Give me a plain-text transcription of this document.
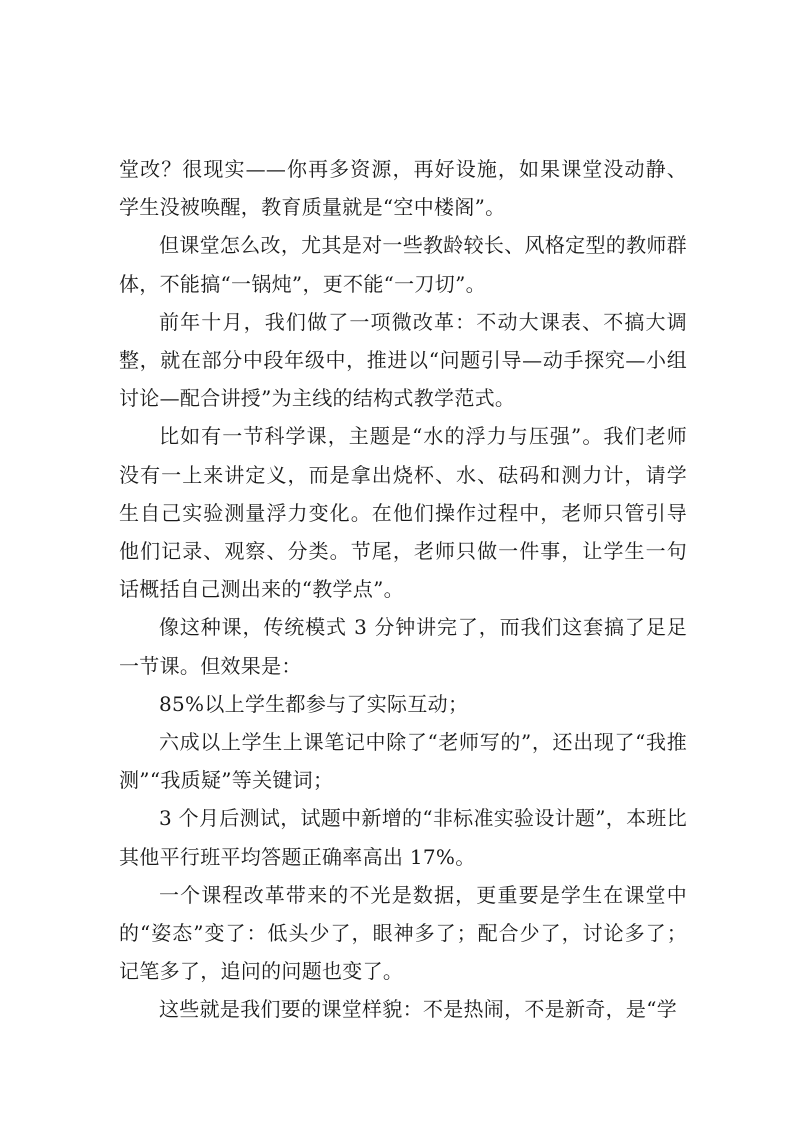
堂改？很现实——你再多资源，再好设施，如果课堂没动静、学生没被唤醒，教育质量就是“空中楼阁”。

但课堂怎么改，尤其是对一些教龄较长、风格定型的教师群体，不能搞“一锅炖”，更不能“一刀切”。

前年十月，我们做了一项微改革：不动大课表、不搞大调整，就在部分中段年级中，推进以“问题引导—动手探究—小组讨论—配合讲授”为主线的结构式教学范式。

比如有一节科学课，主题是“水的浮力与压强”。我们老师没有一上来讲定义，而是拿出烧杯、水、砝码和测力计，请学生自己实验测量浮力变化。在他们操作过程中，老师只管引导他们记录、观察、分类。节尾，老师只做一件事，让学生一句话概括自己测出来的“教学点”。

像这种课，传统模式 3 分钟讲完了，而我们这套搞了足足一节课。但效果是：

85%以上学生都参与了实际互动；

六成以上学生上课笔记中除了“老师写的”，还出现了“我推测”“我质疑”等关键词；

3 个月后测试，试题中新增的“非标准实验设计题”，本班比其他平行班平均答题正确率高出 17%。

一个课程改革带来的不光是数据，更重要是学生在课堂中的“姿态”变了：低头少了，眼神多了；配合少了，讨论多了；记笔多了，追问的问题也变了。

这些就是我们要的课堂样貌：不是热闹，不是新奇，是“学
